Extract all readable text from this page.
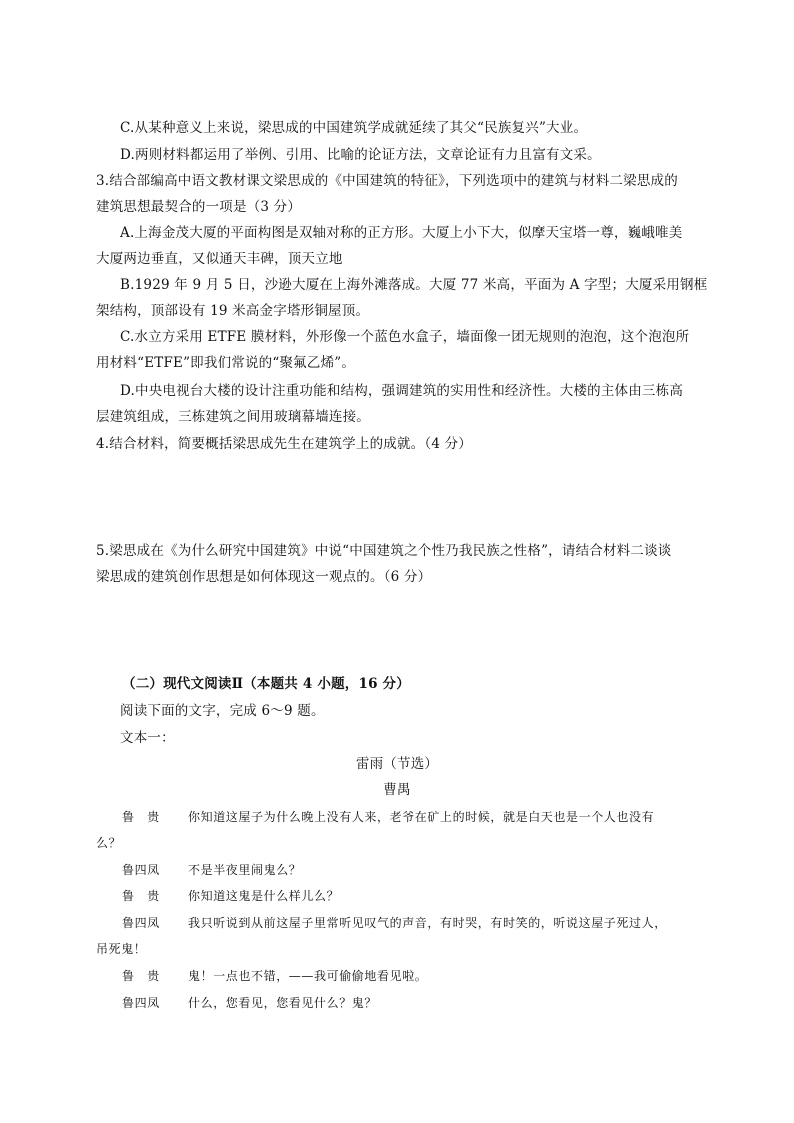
C.从某种意义上来说，梁思成的中国建筑学成就延续了其父“民族复兴”大业。
D.两则材料都运用了举例、引用、比喻的论证方法，文章论证有力且富有文采。
3.结合部编高中语文教材课文梁思成的《中国建筑的特征》，下列选项中的建筑与材料二梁思成的
建筑思想最契合的一项是（3 分）
A.上海金茂大厦的平面构图是双轴对称的正方形。大厦上小下大，似摩天宝塔一尊，巍峨唯美
大厦两边垂直，又似通天丰碑，顶天立地
B.1929 年 9 月 5 日，沙逊大厦在上海外滩落成。大厦 77 米高，平面为 A 字型；大厦采用钢框
架结构，顶部设有 19 米高金字塔形铜屋顶。
C.水立方采用 ETFE 膜材料，外形像一个蓝色水盒子，墙面像一团无规则的泡泡，这个泡泡所
用材料“ETFE”即我们常说的“聚氟乙烯”。
D.中央电视台大楼的设计注重功能和结构，强调建筑的实用性和经济性。大楼的主体由三栋高
层建筑组成，三栋建筑之间用玻璃幕墙连接。
4.结合材料，简要概括梁思成先生在建筑学上的成就。（4 分）
5.梁思成在《为什么研究中国建筑》中说“中国建筑之个性乃我民族之性格”，请结合材料二谈谈
梁思成的建筑创作思想是如何体现这一观点的。（6 分）
（二）现代文阅读Ⅱ（本题共 4 小题，16 分）
阅读下面的文字，完成 6～9 题。
文本一：
雷雨（节选）
曹禺
鲁　贵 你知道这屋子为什么晚上没有人来，老爷在矿上的时候，就是白天也是一个人也没有
么？
鲁四凤 不是半夜里闹鬼么？
鲁　贵 你知道这鬼是什么样儿么？
鲁四凤 我只听说到从前这屋子里常听见叹气的声音，有时哭，有时笑的，听说这屋子死过人，
吊死鬼！
鲁　贵 鬼！一点也不错，——我可偷偷地看见啦。
鲁四凤 什么，您看见，您看见什么？鬼？
